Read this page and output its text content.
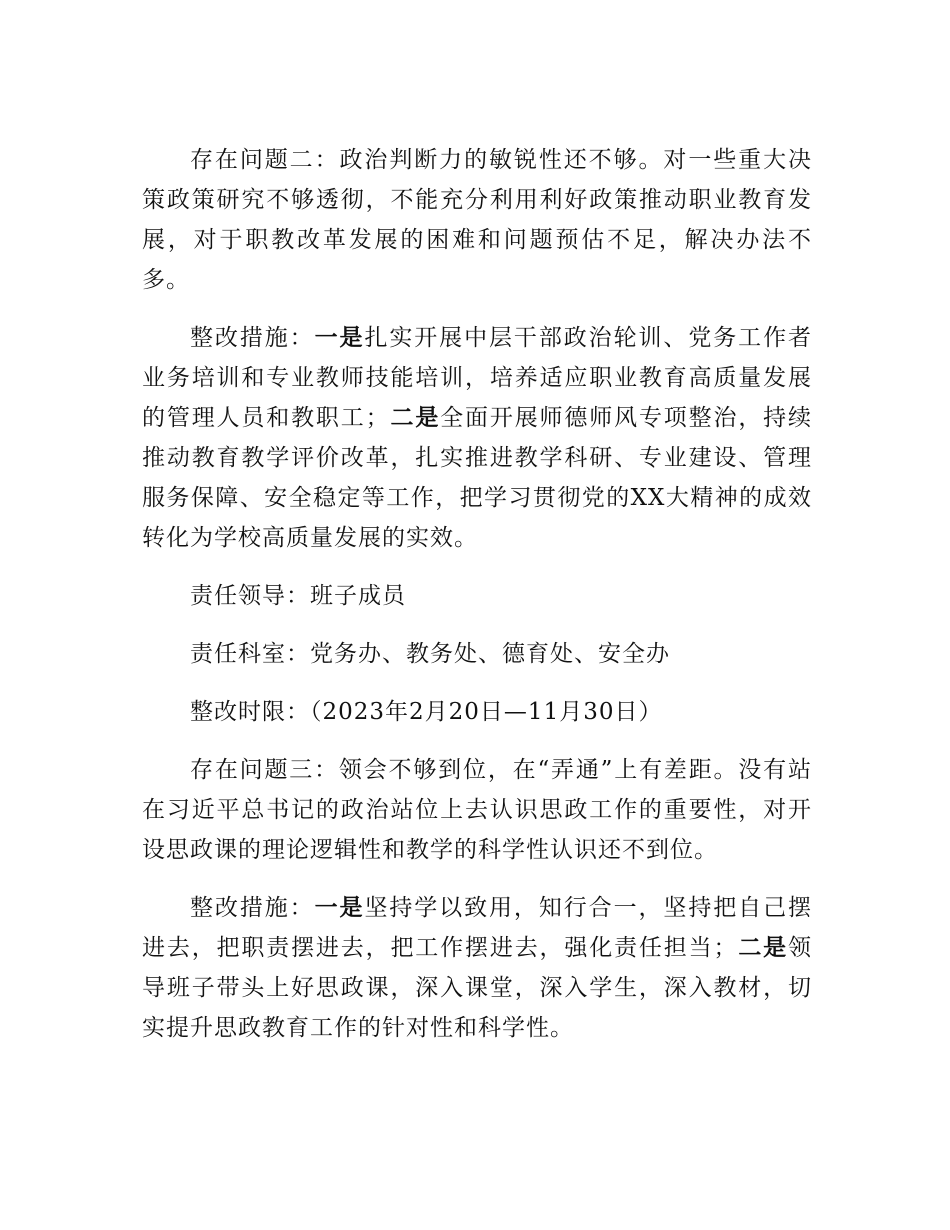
存在问题二：政治判断力的敏锐性还不够。对一些重大决策政策研究不够透彻，不能充分利用利好政策推动职业教育发展，对于职教改革发展的困难和问题预估不足，解决办法不多。

整改措施：一是扎实开展中层干部政治轮训、党务工作者业务培训和专业教师技能培训，培养适应职业教育高质量发展的管理人员和教职工；二是全面开展师德师风专项整治，持续推动教育教学评价改革，扎实推进教学科研、专业建设、管理服务保障、安全稳定等工作，把学习贯彻党的XX大精神的成效转化为学校高质量发展的实效。

责任领导：班子成员

责任科室：党务办、教务处、德育处、安全办

整改时限：（2023年2月20日—11月30日）

存在问题三：领会不够到位，在“弄通”上有差距。没有站在习近平总书记的政治站位上去认识思政工作的重要性，对开设思政课的理论逻辑性和教学的科学性认识还不到位。

整改措施：一是坚持学以致用，知行合一，坚持把自己摆进去，把职责摆进去，把工作摆进去，强化责任担当；二是领导班子带头上好思政课，深入课堂，深入学生，深入教材，切实提升思政教育工作的针对性和科学性。
